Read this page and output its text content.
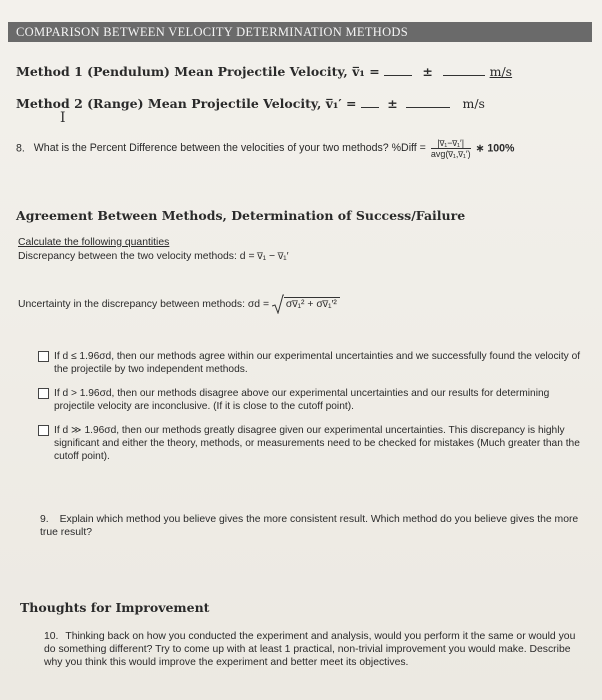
COMPARISON BETWEEN VELOCITY DETERMINATION METHODS
Method 1 (Pendulum) Mean Projectile Velocity, v̅₁ =	±	m/s
Method 2 (Range) Mean Projectile Velocity, v̅₁′ = ±	m/s
I
8. What is the Percent Difference between the velocities of your two methods? %Diff = $\frac{\text{|v̅₁−v̅₁′|}}{\text{avg(v̅₁,v̅₁′)}}$ ∗ 100%
Agreement Between Methods, Determination of Success/Failure
Calculate the following quantities
Discrepancy between the two velocity methods: d = v̅₁ − v̅₁′
Uncertainty in the discrepancy between methods: σd = σv̅₁² + σv̅₁′²
If d ≤ 1.96σd, then our methods agree within our experimental uncertainties and we successfully found the velocity of the projectile by two independent methods.
If d > 1.96σd, then our methods disagree above our experimental uncertainties and our results for determining projectile velocity are inconclusive. (If it is close to the cutoff point).
If d ≫ 1.96σd, then our methods greatly disagree given our experimental uncertainties. This discrepancy is highly significant and either the theory, methods, or measurements need to be checked for mistakes (Much greater than the cutoff point).
9. Explain which method you believe gives the more consistent result. Which method do you believe gives the more true result?
Thoughts for Improvement
10. Thinking back on how you conducted the experiment and analysis, would you perform it the same or would you do something different? Try to come up with at least 1 practical, non-trivial improvement you would make. Describe why you think this would improve the experiment and better meet its objectives.
